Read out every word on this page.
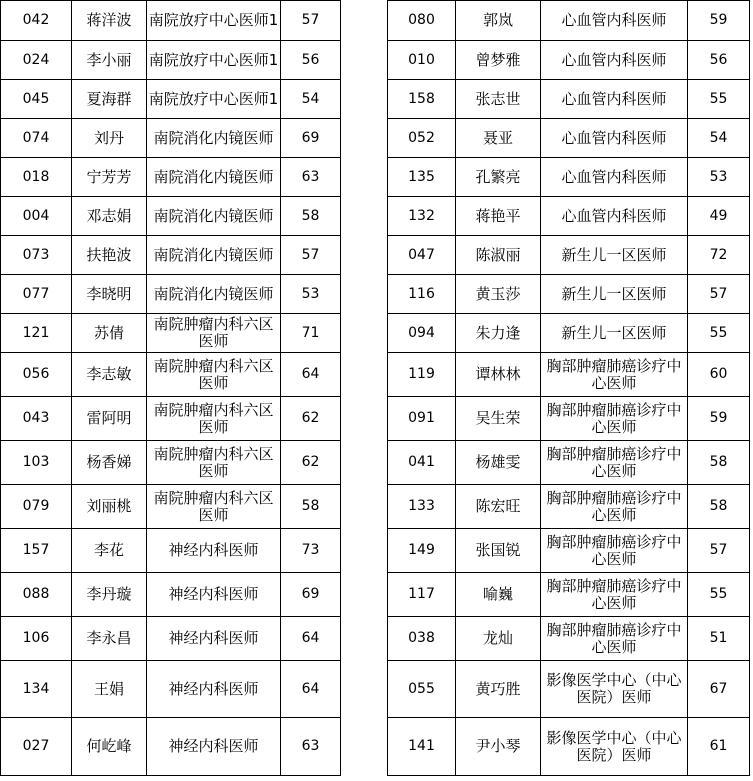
042	蒋洋波	南院放疗中心医师1	57
024	李小丽	南院放疗中心医师1	56
045	夏海群	南院放疗中心医师1	54
074	刘丹	南院消化内镜医师	69
018	宁芳芳	南院消化内镜医师	63
004	邓志娟	南院消化内镜医师	58
073	扶艳波	南院消化内镜医师	57
077	李晓明	南院消化内镜医师	53
121	苏倩	南院肿瘤内科六区医师	71
056	李志敏	南院肿瘤内科六区医师	64
043	雷阿明	南院肿瘤内科六区医师	62
103	杨香娣	南院肿瘤内科六区医师	62
079	刘丽桃	南院肿瘤内科六区医师	58
157	李花	神经内科医师	73
088	李丹璇	神经内科医师	69
106	李永昌	神经内科医师	64
134	王娟	神经内科医师	64
027	何屹峰	神经内科医师	63
080	郭岚	心血管内科医师	59
010	曾梦雅	心血管内科医师	56
158	张志世	心血管内科医师	55
052	聂亚	心血管内科医师	54
135	孔繁亮	心血管内科医师	53
132	蒋艳平	心血管内科医师	49
047	陈淑丽	新生儿一区医师	72
116	黄玉莎	新生儿一区医师	57
094	朱力逢	新生儿一区医师	55
119	谭林林	胸部肿瘤肺癌诊疗中心医师	60
091	吴生荣	胸部肿瘤肺癌诊疗中心医师	59
041	杨雄雯	胸部肿瘤肺癌诊疗中心医师	58
133	陈宏旺	胸部肿瘤肺癌诊疗中心医师	58
149	张国锐	胸部肿瘤肺癌诊疗中心医师	57
117	喻巍	胸部肿瘤肺癌诊疗中心医师	55
038	龙灿	胸部肿瘤肺癌诊疗中心医师	51
055	黄巧胜	影像医学中心（中心医院）医师	67
141	尹小琴	影像医学中心（中心医院）医师	61
